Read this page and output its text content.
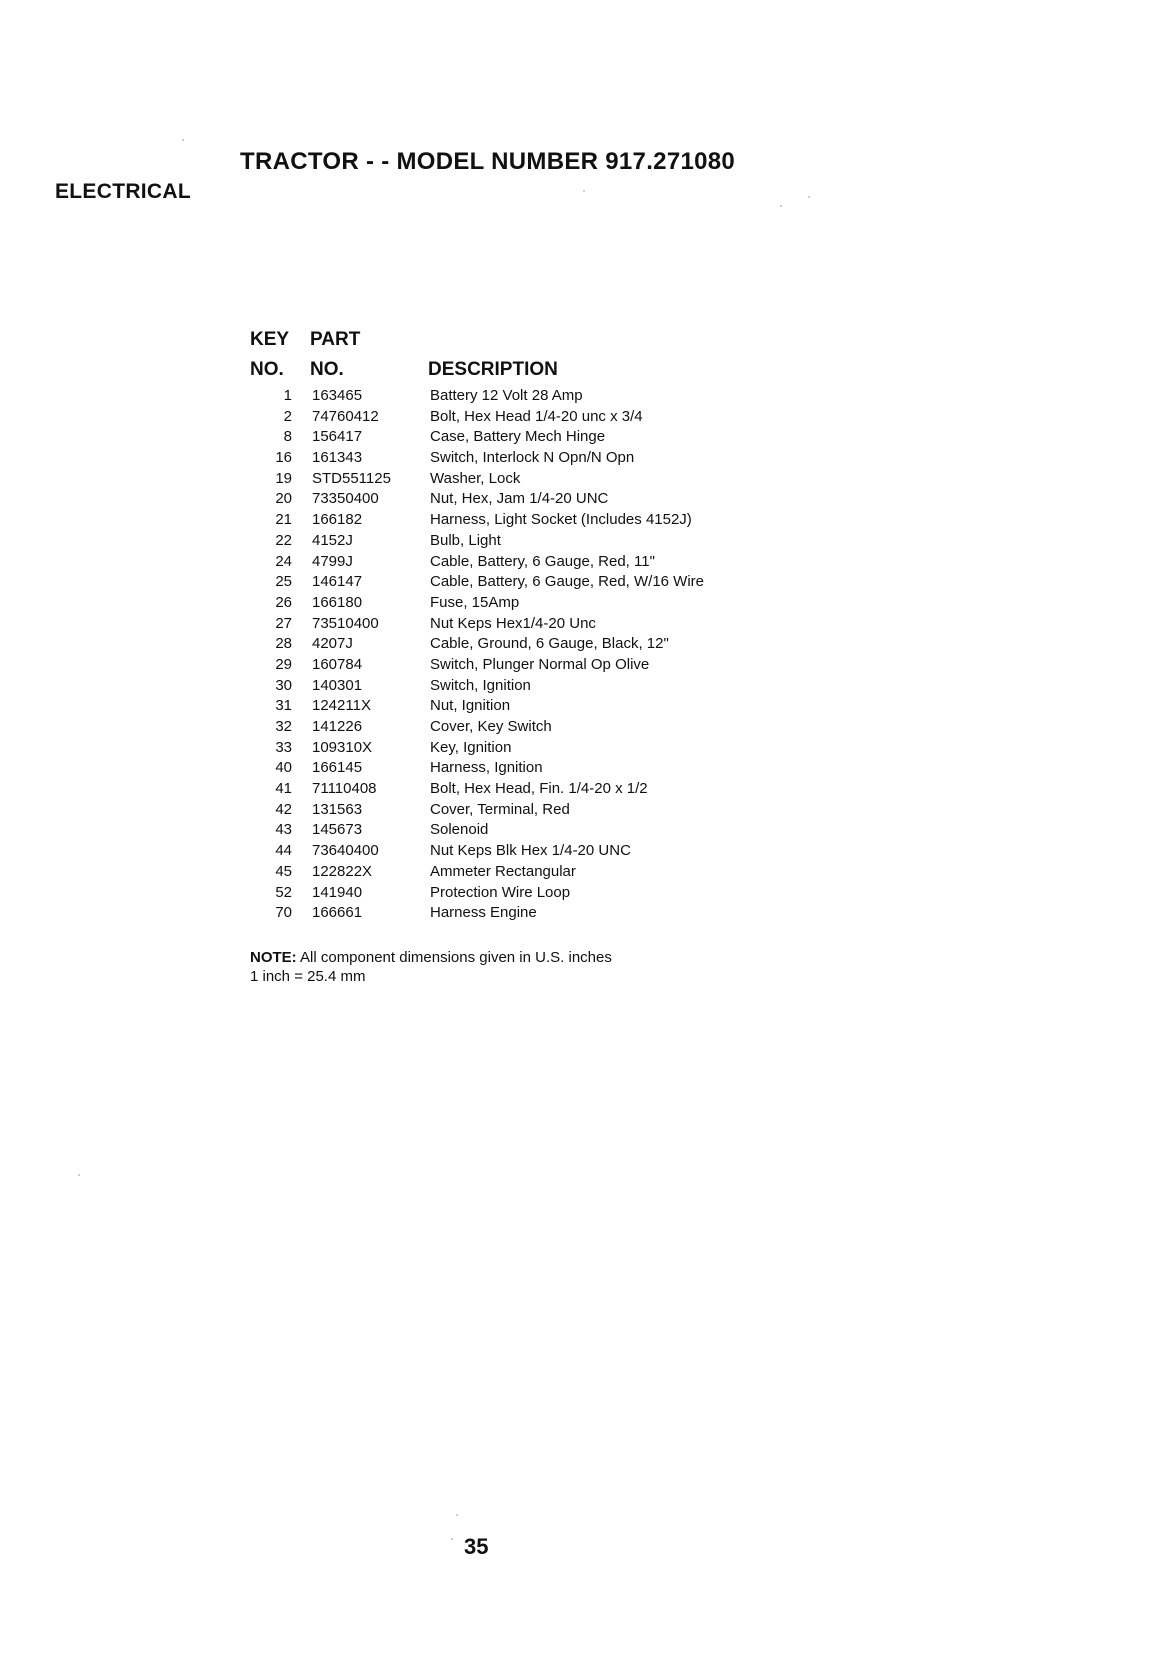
TRACTOR - - MODEL NUMBER 917.271080
ELECTRICAL
KEY
NO.
PART
NO.	DESCRIPTION
1 163465	Battery 12 Volt 28 Amp
2 74760412	Bolt, Hex Head 1/4-20 unc x 3/4
8 156417	Case, Battery Mech Hinge
16 161343	Switch, Interlock N Opn/N Opn
19 STD551125	Washer, Lock
20 73350400	Nut, Hex, Jam 1/4-20 UNC
21 166182	Harness, Light Socket (Includes 4152J)
22 4152J	Bulb, Light
24 4799J	Cable, Battery, 6 Gauge, Red, 11"
25 146147	Cable, Battery, 6 Gauge, Red, W/16 Wire
26 166180	Fuse, 15Amp
27 73510400	Nut Keps Hex1/4-20 Unc
28 4207J	Cable, Ground, 6 Gauge, Black, 12"
29 160784	Switch, Plunger Normal Op Olive
30 140301	Switch, Ignition
31 124211X	Nut, Ignition
32 141226	Cover, Key Switch
33 109310X	Key, Ignition
40 166145	Harness, Ignition
41 71110408	Bolt, Hex Head, Fin. 1/4-20 x 1/2
42 131563	Cover, Terminal, Red
43 145673	Solenoid
44 73640400	Nut Keps Blk Hex 1/4-20 UNC
45 122822X	Ammeter Rectangular
52 141940	Protection Wire Loop
70 166661	Harness Engine
NOTE: All component dimensions given in U.S. inches
1 inch = 25.4 mm
35
